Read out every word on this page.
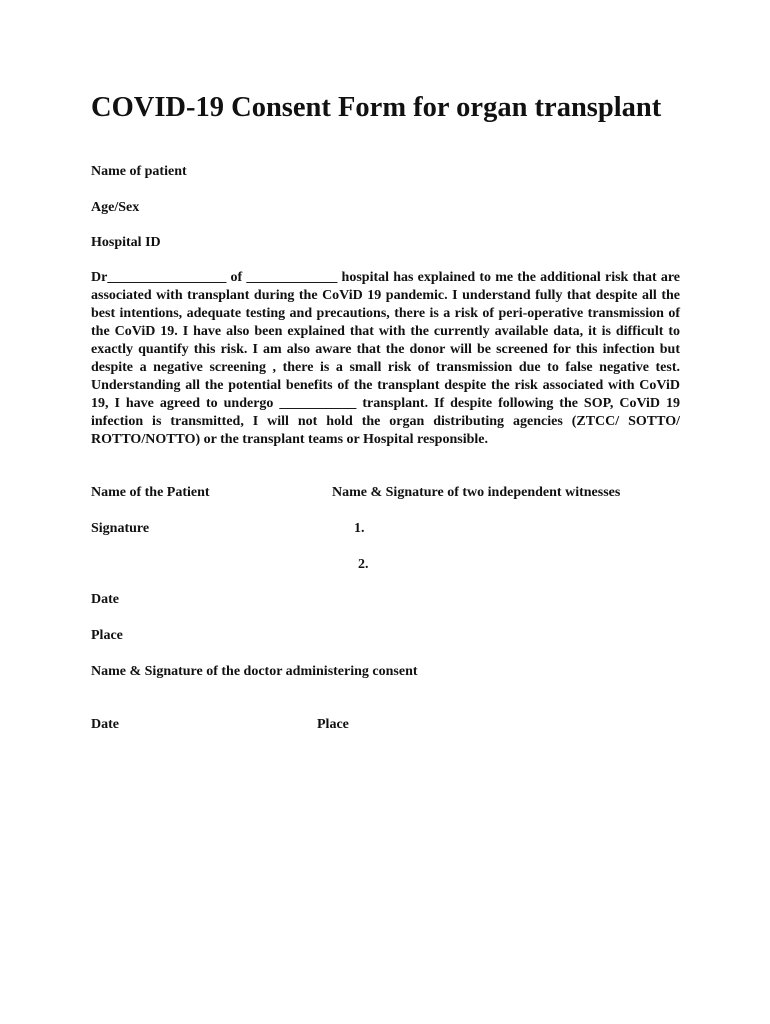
COVID-19 Consent Form for organ transplant

Name of patient

Age/Sex

Hospital ID

Dr_________________ of _____________ hospital has explained to me the additional risk that are associated with transplant during the CoViD 19 pandemic. I understand fully that despite all the best intentions, adequate testing and precautions, there is a risk of peri-operative transmission of the CoViD 19. I have also been explained that with the currently available data, it is difficult to exactly quantify this risk. I am also aware that the donor will be screened for this infection but despite a negative screening , there is a small risk of transmission due to false negative test. Understanding all the potential benefits of the transplant despite the risk associated with CoViD 19, I have agreed to undergo ___________ transplant. If despite following the SOP, CoViD 19 infection is transmitted, I will not hold the organ distributing agencies (ZTCC/ SOTTO/ ROTTO/NOTTO) or the transplant teams or Hospital responsible.

Name of the Patient	Name & Signature of two independent witnesses

Signature	1.

2.

Date

Place

Name & Signature of the doctor administering consent

Date	Place
